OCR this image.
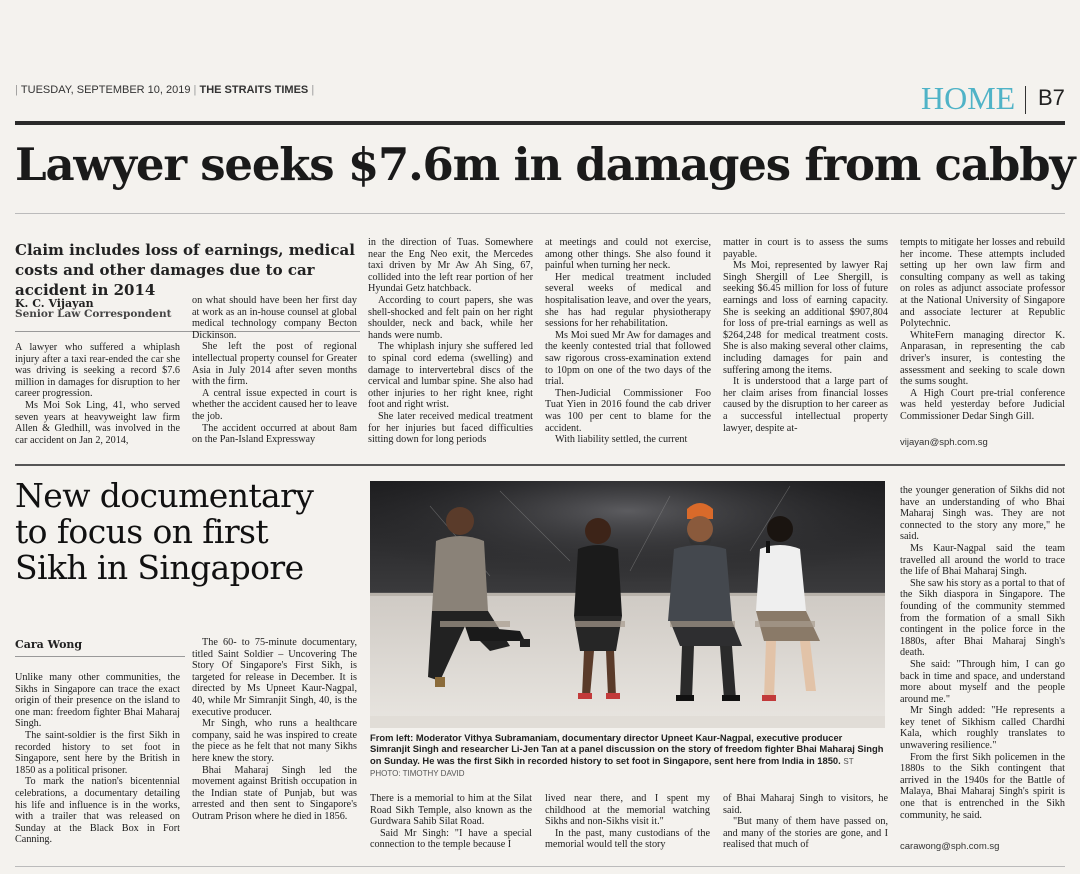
| TUESDAY, SEPTEMBER 10, 2019 | THE STRAITS TIMES |	HOME B7
Lawyer seeks $7.6m in damages from cabby
Claim includes loss of earnings, medical costs and other damages due to car accident in 2014
K. C. Vijayan
Senior Law Correspondent

A lawyer who suffered a whiplash injury after a taxi rear-ended the car she was driving is seeking a record $7.6 million in damages for disruption to her career progression.

Ms Moi Sok Ling, 41, who served seven years at heavyweight law firm Allen & Gledhill, was involved in the car accident on Jan 2, 2014,

on what should have been her first day at work as an in-house counsel at global medical technology company Becton Dickinson.

She left the post of regional intellectual property counsel for Greater Asia in July 2014 after seven months with the firm.

A central issue expected in court is whether the accident caused her to leave the job.

The accident occurred at about 8am on the Pan-Island Expressway

in the direction of Tuas. Somewhere near the Eng Neo exit, the Mercedes taxi driven by Mr Aw Ah Sing, 67, collided into the left rear portion of her Hyundai Getz hatchback.

According to court papers, she was shell-shocked and felt pain on her right shoulder, neck and back, while her hands were numb.

The whiplash injury she suffered led to spinal cord edema (swelling) and damage to intervertebral discs of the cervical and lumbar spine. She also had other injuries to her right knee, right foot and right wrist.

She later received medical treatment for her injuries but faced difficulties sitting down for long periods

at meetings and could not exercise, among other things. She also found it painful when turning her neck.

Her medical treatment included several weeks of medical and hospitalisation leave, and over the years, she has had regular physiotherapy sessions for her rehabilitation.

Ms Moi sued Mr Aw for damages and the keenly contested trial that followed saw rigorous cross-examination extend to 10pm on one of the two days of the trial.

Then-Judicial Commissioner Foo Tuat Yien in 2016 found the cab driver was 100 per cent to blame for the accident.

With liability settled, the current

matter in court is to assess the sums payable.

Ms Moi, represented by lawyer Raj Singh Shergill of Lee Shergill, is seeking $6.45 million for loss of future earnings and loss of earning capacity. She is seeking an additional $907,804 for loss of pre-trial earnings as well as $264,248 for medical treatment costs. She is also making several other claims, including damages for pain and suffering among the items.

It is understood that a large part of her claim arises from financial losses caused by the disruption to her career as a successful intellectual property lawyer, despite at-

tempts to mitigate her losses and rebuild her income. These attempts included setting up her own law firm and consulting company as well as taking on roles as adjunct associate professor at the National University of Singapore and associate lecturer at Republic Polytechnic.

WhiteFern managing director K. Anparasan, in representing the cab driver's insurer, is contesting the assessment and seeking to scale down the sums sought.

A High Court pre-trial conference was held yesterday before Judicial Commissioner Dedar Singh Gill.

vijayan@sph.com.sg
New documentary
to focus on first
Sikh in Singapore
Cara Wong
From left: Moderator Vithya Subramaniam, documentary director Upneet Kaur-Nagpal, executive producer Simranjit Singh and researcher Li-Jen Tan at a panel discussion on the story of freedom fighter Bhai Maharaj Singh on Sunday. He was the first Sikh in recorded history to set foot in Singapore, sent here from India in 1850. ST PHOTO: TIMOTHY DAVID

Unlike many other communities, the Sikhs in Singapore can trace the exact origin of their presence on the island to one man: freedom fighter Bhai Maharaj Singh.

The saint-soldier is the first Sikh in recorded history to set foot in Singapore, sent here by the British in 1850 as a political prisoner.

To mark the nation's bicentennial celebrations, a documentary detailing his life and influence is in the works, with a trailer that was released on Sunday at the Black Box in Fort Canning.

The 60- to 75-minute documentary, titled Saint Soldier – Uncovering The Story Of Singapore's First Sikh, is targeted for release in December. It is directed by Ms Upneet Kaur-Nagpal, 40, while Mr Simranjit Singh, 40, is the executive producer.

Mr Singh, who runs a healthcare company, said he was inspired to create the piece as he felt that not many Sikhs here knew the story.

Bhai Maharaj Singh led the movement against British occupation in the Indian state of Punjab, but was arrested and then sent to Singapore's Outram Prison where he died in 1856.

There is a memorial to him at the Silat Road Sikh Temple, also known as the Gurdwara Sahib Silat Road.

Said Mr Singh: "I have a special connection to the temple because I

lived near there, and I spent my childhood at the memorial watching Sikhs and non-Sikhs visit it."

In the past, many custodians of the memorial would tell the story

of Bhai Maharaj Singh to visitors, he said.

"But many of them have passed on, and many of the stories are gone, and I realised that much of

the younger generation of Sikhs did not have an understanding of who Bhai Maharaj Singh was. They are not connected to the story any more," he said.

Ms Kaur-Nagpal said the team travelled all around the world to trace the life of Bhai Maharaj Singh.

She saw his story as a portal to that of the Sikh diaspora in Singapore. The founding of the community stemmed from the formation of a small Sikh contingent in the police force in the 1880s, after Bhai Maharaj Singh's death.

She said: "Through him, I can go back in time and space, and understand more about myself and the people around me."

Mr Singh added: "He represents a key tenet of Sikhism called Chardhi Kala, which roughly translates to unwavering resilience."

From the first Sikh policemen in the 1880s to the Sikh contingent that arrived in the 1940s for the Battle of Malaya, Bhai Maharaj Singh's spirit is one that is entrenched in the Sikh community, he said.

carawong@sph.com.sg
